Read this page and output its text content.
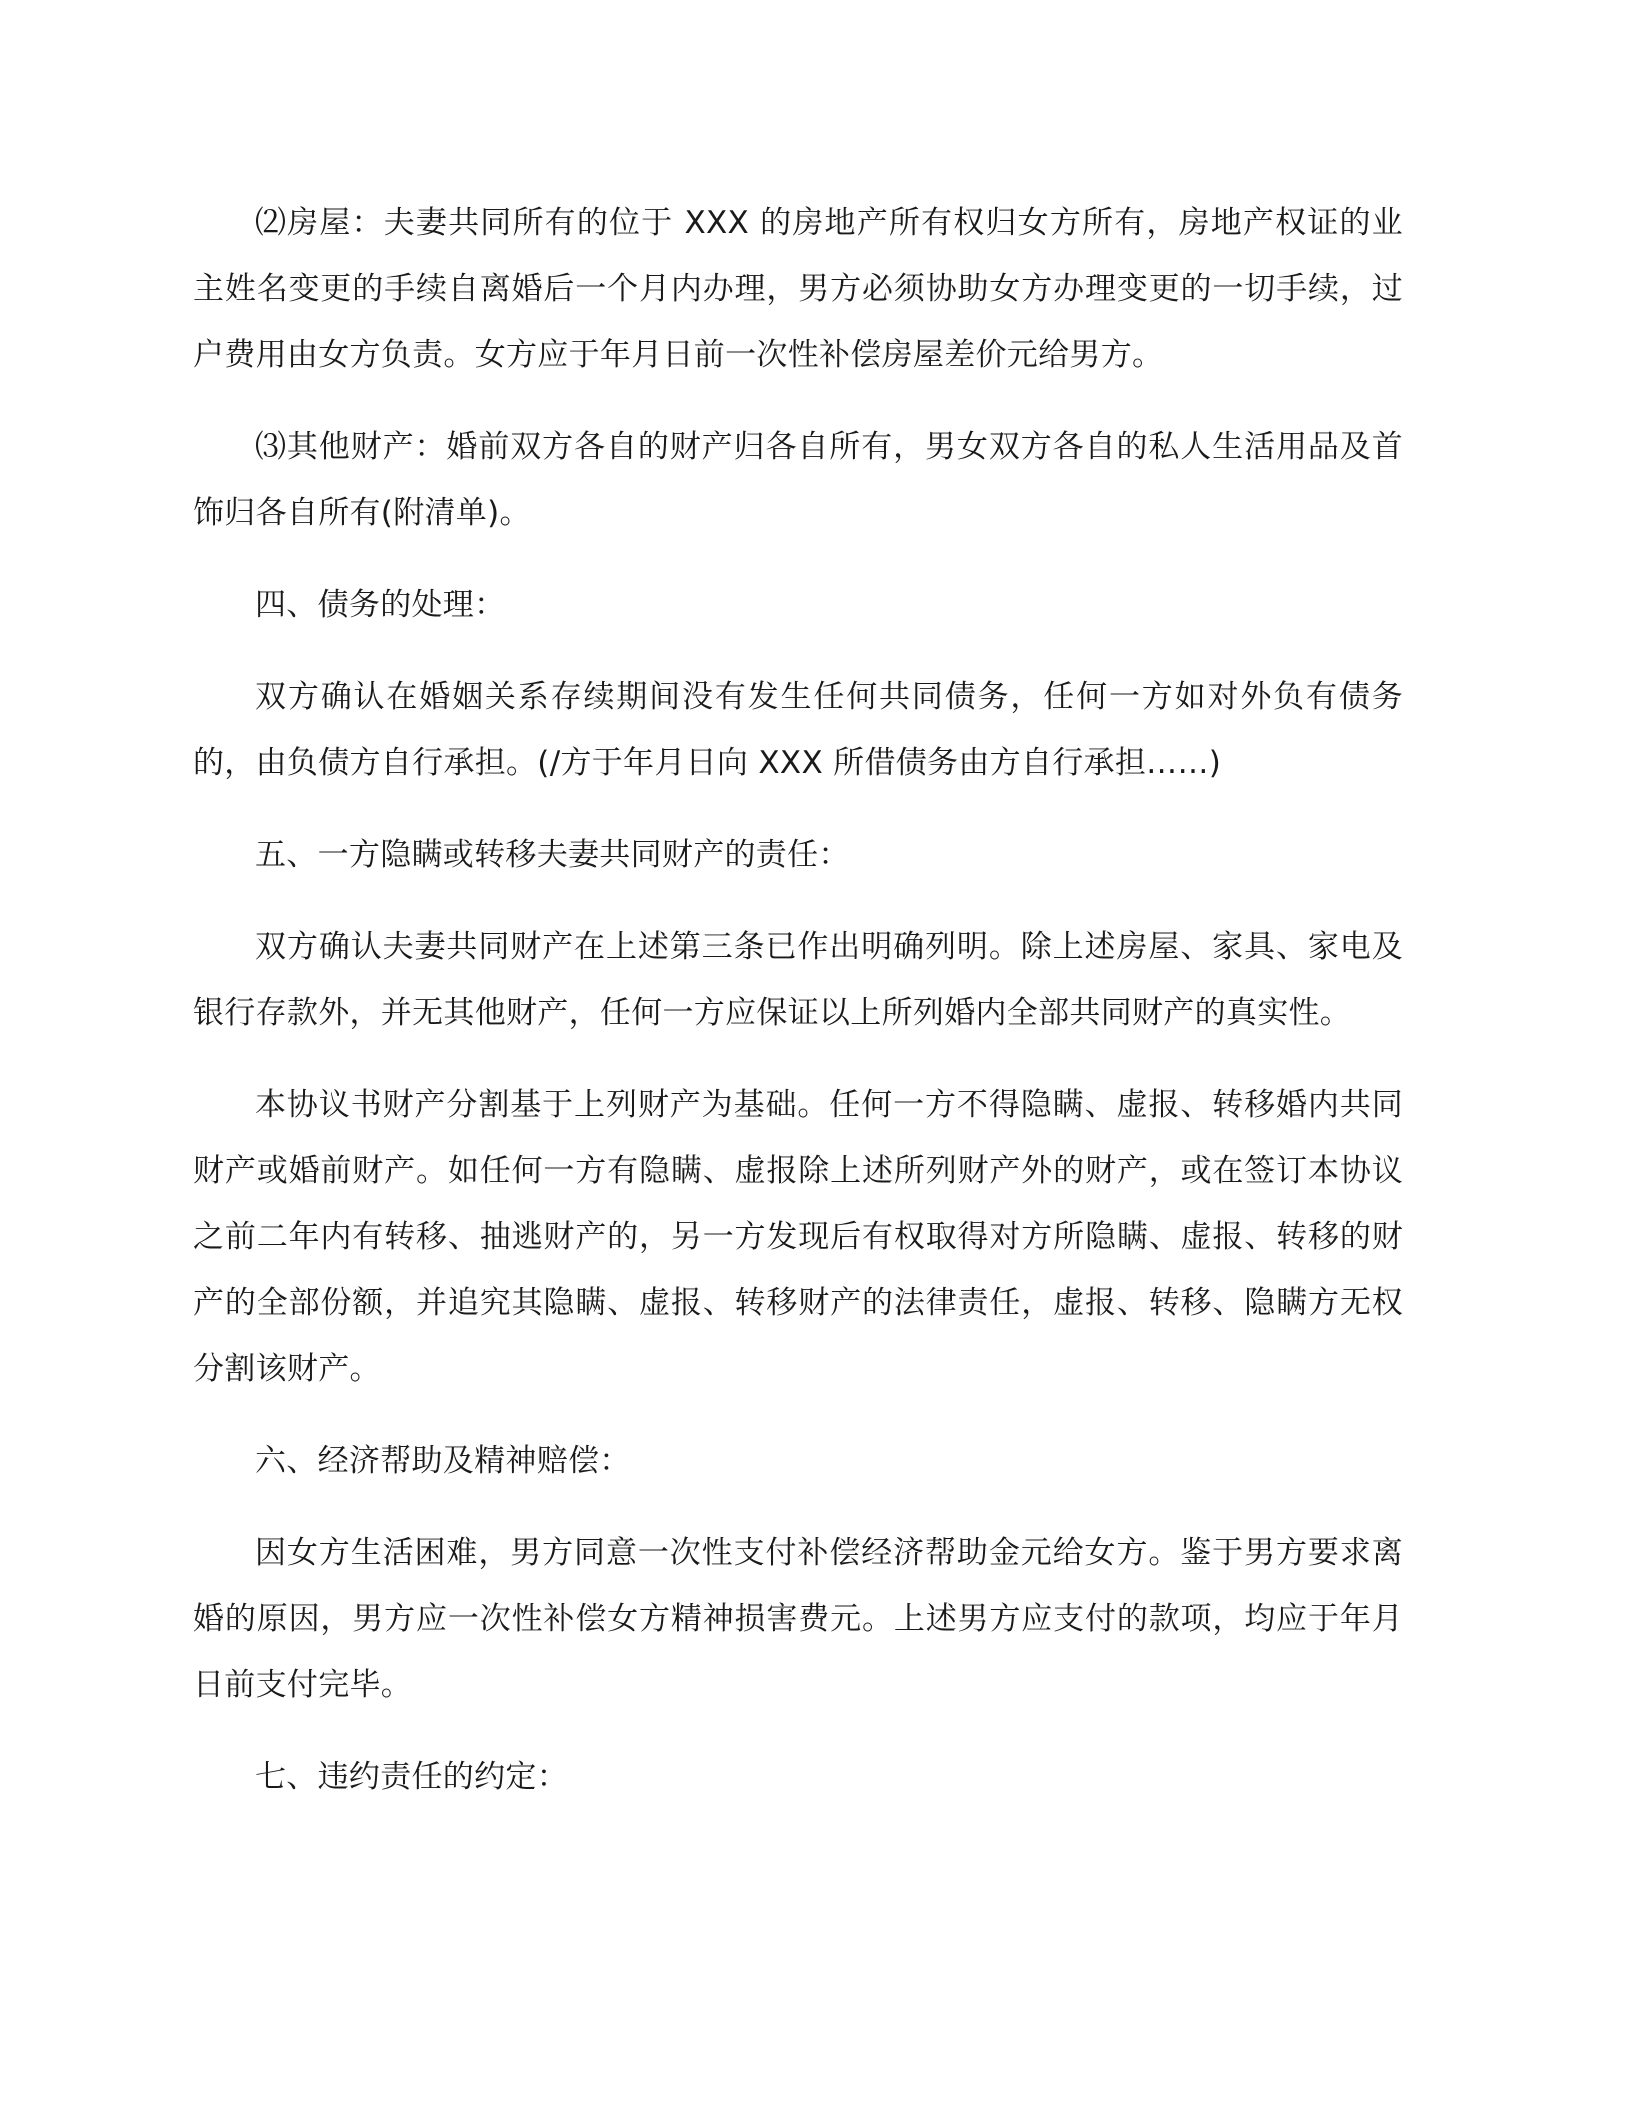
⑵房屋：夫妻共同所有的位于 XXX 的房地产所有权归女方所有，房地产权证的业主姓名变更的手续自离婚后一个月内办理，男方必须协助女方办理变更的一切手续，过户费用由女方负责。女方应于年月日前一次性补偿房屋差价元给男方。

⑶其他财产：婚前双方各自的财产归各自所有，男女双方各自的私人生活用品及首饰归各自所有(附清单)。

四、债务的处理：

双方确认在婚姻关系存续期间没有发生任何共同债务，任何一方如对外负有债务的，由负债方自行承担。(/方于年月日向 XXX 所借债务由方自行承担……)

五、一方隐瞒或转移夫妻共同财产的责任：

双方确认夫妻共同财产在上述第三条已作出明确列明。除上述房屋、家具、家电及银行存款外，并无其他财产，任何一方应保证以上所列婚内全部共同财产的真实性。

本协议书财产分割基于上列财产为基础。任何一方不得隐瞒、虚报、转移婚内共同财产或婚前财产。如任何一方有隐瞒、虚报除上述所列财产外的财产，或在签订本协议之前二年内有转移、抽逃财产的，另一方发现后有权取得对方所隐瞒、虚报、转移的财产的全部份额，并追究其隐瞒、虚报、转移财产的法律责任，虚报、转移、隐瞒方无权分割该财产。

六、经济帮助及精神赔偿：

因女方生活困难，男方同意一次性支付补偿经济帮助金元给女方。鉴于男方要求离婚的原因，男方应一次性补偿女方精神损害费元。上述男方应支付的款项，均应于年月日前支付完毕。

七、违约责任的约定：
